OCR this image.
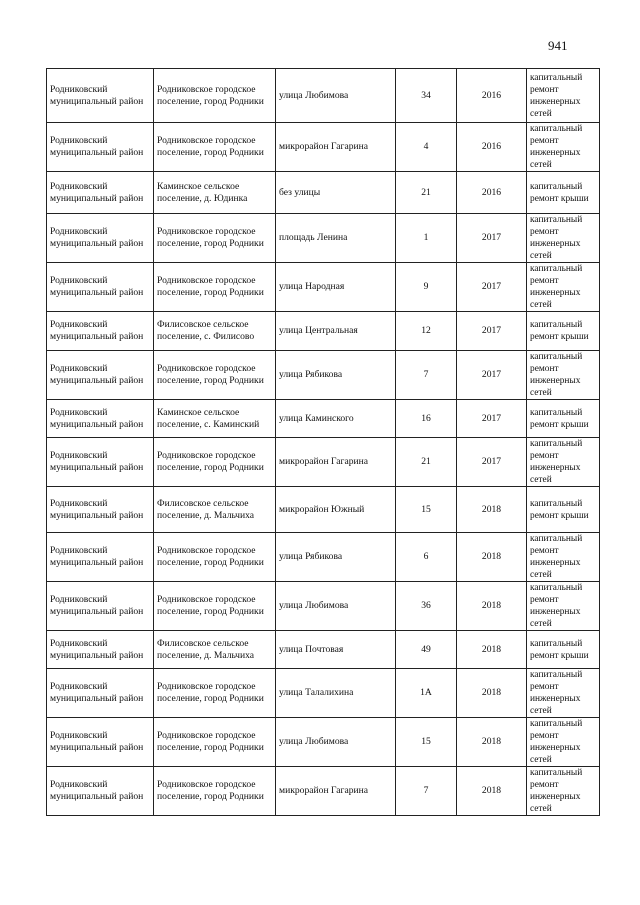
941
Родниковский муниципальный район	Родниковское городское поселение, город Родники	улица Любимова	34	2016	капитальный ремонт инженерных сетей
Родниковский муниципальный район	Родниковское городское поселение, город Родники	микрорайон Гагарина	4	2016	капитальный ремонт инженерных сетей
Родниковский муниципальный район	Каминское сельское поселение, д. Юдинка	без улицы	21	2016	капитальный ремонт крыши
Родниковский муниципальный район	Родниковское городское поселение, город Родники	площадь Ленина	1	2017	капитальный ремонт инженерных сетей
Родниковский муниципальный район	Родниковское городское поселение, город Родники	улица Народная	9	2017	капитальный ремонт инженерных сетей
Родниковский муниципальный район	Филисовское сельское поселение, с. Филисово	улица Центральная	12	2017	капитальный ремонт крыши
Родниковский муниципальный район	Родниковское городское поселение, город Родники	улица Рябикова	7	2017	капитальный ремонт инженерных сетей
Родниковский муниципальный район	Каминское сельское поселение, с. Каминский	улица Каминского	16	2017	капитальный ремонт крыши
Родниковский муниципальный район	Родниковское городское поселение, город Родники	микрорайон Гагарина	21	2017	капитальный ремонт инженерных сетей
Родниковский муниципальный район	Филисовское сельское поселение, д. Мальчиха	микрорайон Южный	15	2018	капитальный ремонт крыши
Родниковский муниципальный район	Родниковское городское поселение, город Родники	улица Рябикова	6	2018	капитальный ремонт инженерных сетей
Родниковский муниципальный район	Родниковское городское поселение, город Родники	улица Любимова	36	2018	капитальный ремонт инженерных сетей
Родниковский муниципальный район	Филисовское сельское поселение, д. Мальчиха	улица Почтовая	49	2018	капитальный ремонт крыши
Родниковский муниципальный район	Родниковское городское поселение, город Родники	улица Талалихина	1А	2018	капитальный ремонт инженерных сетей
Родниковский муниципальный район	Родниковское городское поселение, город Родники	улица Любимова	15	2018	капитальный ремонт инженерных сетей
Родниковский муниципальный район	Родниковское городское поселение, город Родники	микрорайон Гагарина	7	2018	капитальный ремонт инженерных сетей
